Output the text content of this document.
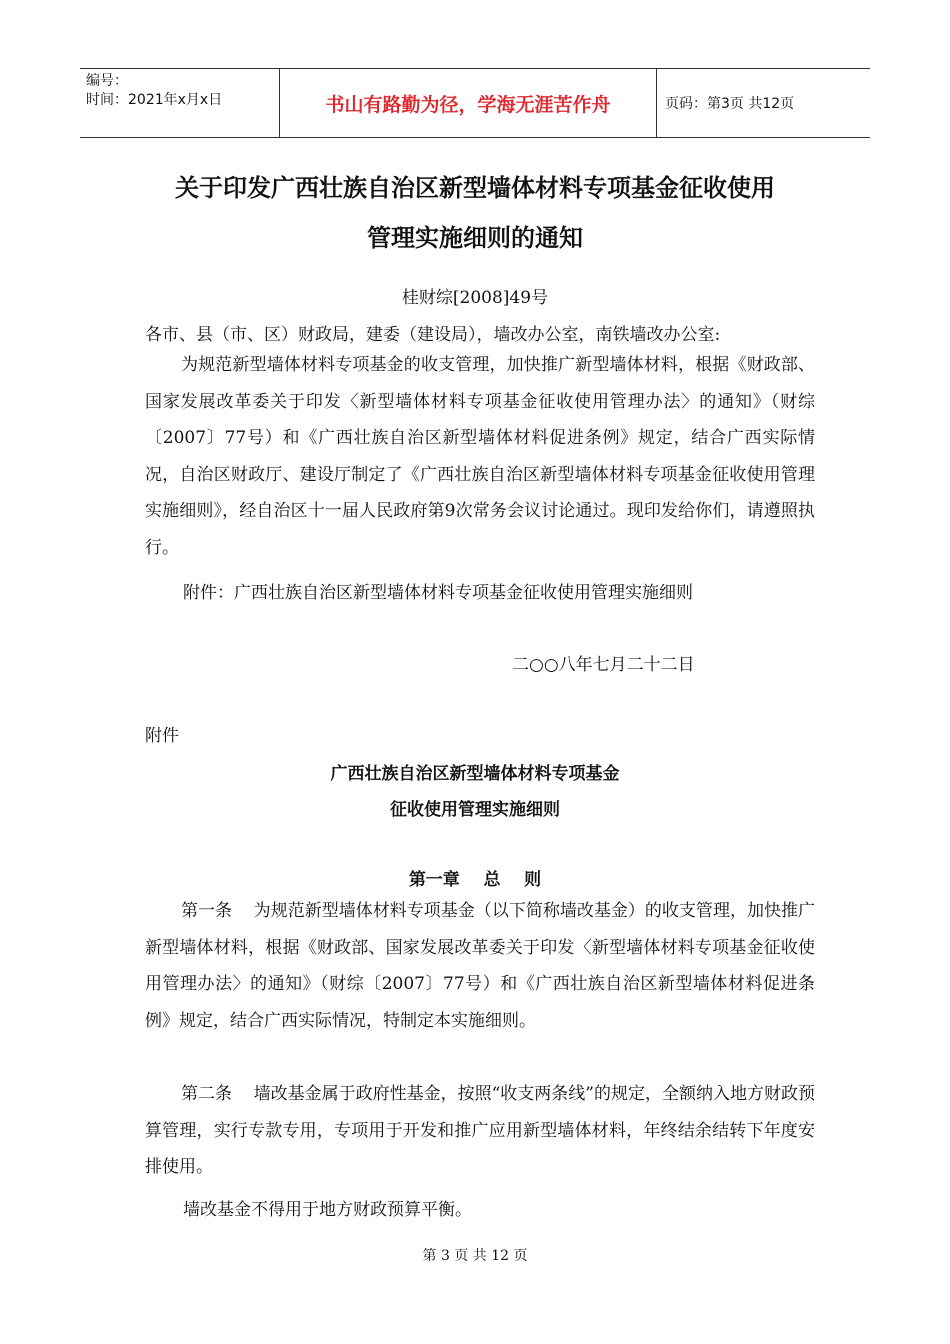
编号：
时间：2021年x月x日	书山有路勤为径，学海无涯苦作舟	页码：第3页 共12页
关于印发广西壮族自治区新型墙体材料专项基金征收使用
管理实施细则的通知
桂财综[2008]49号
各市、县（市、区）财政局，建委（建设局），墙改办公室，南铁墙改办公室:
为规范新型墙体材料专项基金的收支管理，加快推广新型墙体材料，根据《财政部、国家发展改革委关于印发〈新型墙体材料专项基金征收使用管理办法〉的通知》（财综〔2007〕77号）和《广西壮族自治区新型墙体材料促进条例》规定，结合广西实际情况，自治区财政厅、建设厅制定了《广西壮族自治区新型墙体材料专项基金征收使用管理实施细则》，经自治区十一届人民政府第9次常务会议讨论通过。现印发给你们，请遵照执行。
附件：广西壮族自治区新型墙体材料专项基金征收使用管理实施细则
二○○八年七月二十二日
附件
广西壮族自治区新型墙体材料专项基金
征收使用管理实施细则
第一章    总    则
第一条    为规范新型墙体材料专项基金（以下简称墙改基金）的收支管理，加快推广新型墙体材料，根据《财政部、国家发展改革委关于印发〈新型墙体材料专项基金征收使用管理办法〉的通知》（财综〔2007〕77号）和《广西壮族自治区新型墙体材料促进条例》规定，结合广西实际情况，特制定本实施细则。
第二条    墙改基金属于政府性基金，按照“收支两条线”的规定，全额纳入地方财政预算管理，实行专款专用，专项用于开发和推广应用新型墙体材料，年终结余结转下年度安排使用。
墙改基金不得用于地方财政预算平衡。
第 3 页 共 12 页
